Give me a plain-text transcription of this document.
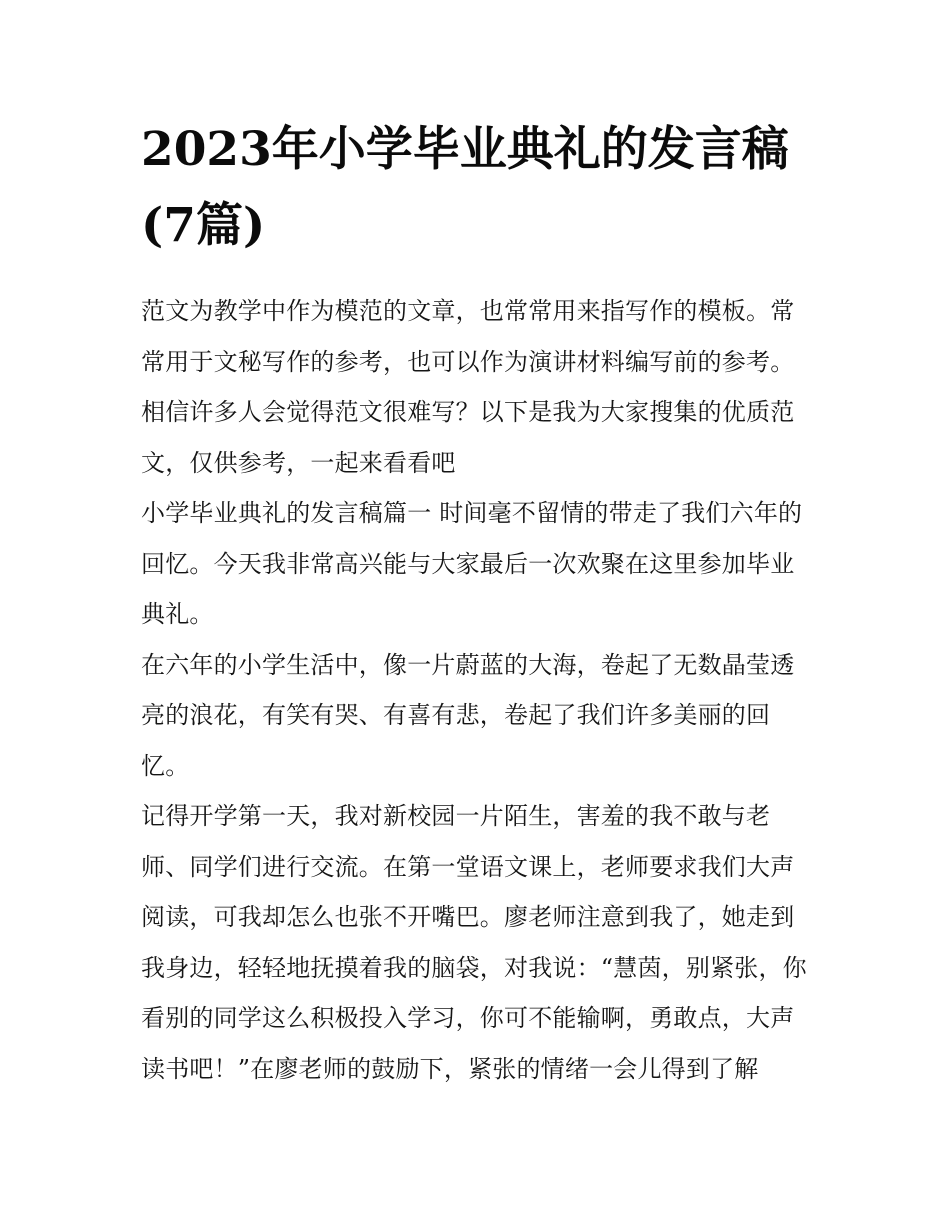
2023年小学毕业典礼的发言稿(7篇)

范文为教学中作为模范的文章，也常常用来指写作的模板。常常用于文秘写作的参考，也可以作为演讲材料编写前的参考。相信许多人会觉得范文很难写？以下是我为大家搜集的优质范文，仅供参考，一起来看看吧

小学毕业典礼的发言稿篇一 时间毫不留情的带走了我们六年的回忆。今天我非常高兴能与大家最后一次欢聚在这里参加毕业典礼。

在六年的小学生活中，像一片蔚蓝的大海，卷起了无数晶莹透亮的浪花，有笑有哭、有喜有悲，卷起了我们许多美丽的回忆。

记得开学第一天，我对新校园一片陌生，害羞的我不敢与老师、同学们进行交流。在第一堂语文课上，老师要求我们大声阅读，可我却怎么也张不开嘴巴。廖老师注意到我了，她走到我身边，轻轻地抚摸着我的脑袋，对我说：“慧茵，别紧张，你看别的同学这么积极投入学习，你可不能输啊，勇敢点，大声读书吧！”在廖老师的鼓励下，紧张的情绪一会儿得到了解
